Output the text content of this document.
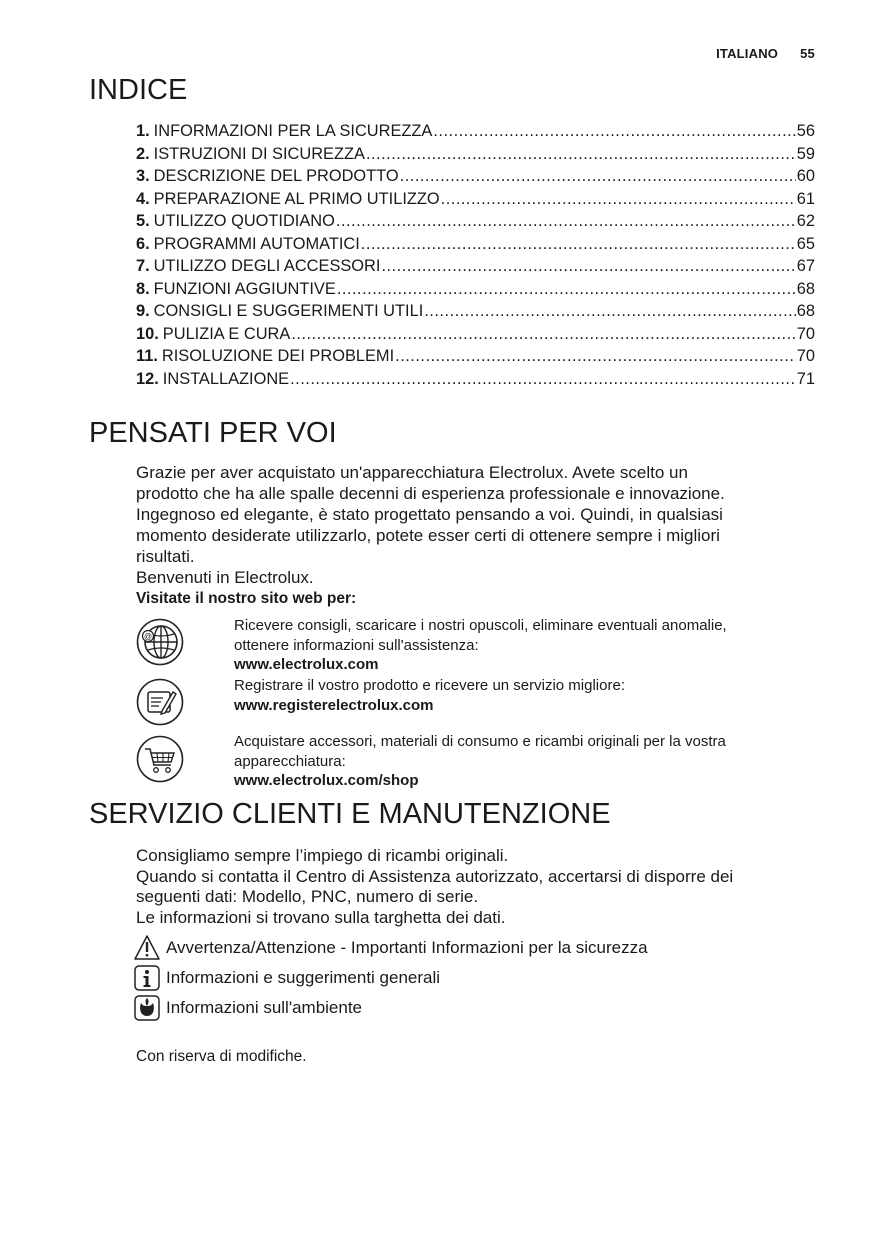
ITALIANO 55
INDICE
1. INFORMAZIONI PER LA SICUREZZA .....	56
2. ISTRUZIONI DI SICUREZZA .....	59
3. DESCRIZIONE DEL PRODOTTO .....	60
4. PREPARAZIONE AL PRIMO UTILIZZO .....	61
5. UTILIZZO QUOTIDIANO .....	62
6. PROGRAMMI AUTOMATICI .....	65
7. UTILIZZO DEGLI ACCESSORI .....	67
8. FUNZIONI AGGIUNTIVE .....	68
9. CONSIGLI E SUGGERIMENTI UTILI .....	68
10. PULIZIA E CURA .....	70
11. RISOLUZIONE DEI PROBLEMI .....	70
12. INSTALLAZIONE .....	71
PENSATI PER VOI
Grazie per aver acquistato un'apparecchiatura Electrolux. Avete scelto un
prodotto che ha alle spalle decenni di esperienza professionale e innovazione.
Ingegnoso ed elegante, è stato progettato pensando a voi. Quindi, in qualsiasi
momento desiderate utilizzarlo, potete esser certi di ottenere sempre i migliori
risultati.
Benvenuti in Electrolux.
Visitate il nostro sito web per:
@
Ricevere consigli, scaricare i nostri opuscoli, eliminare eventuali anomalie,
ottenere informazioni sull'assistenza:
www.electrolux.com
Registrare il vostro prodotto e ricevere un servizio migliore:
www.registerelectrolux.com
Acquistare accessori, materiali di consumo e ricambi originali per la vostra
apparecchiatura:
www.electrolux.com/shop
SERVIZIO CLIENTI E MANUTENZIONE
Consigliamo sempre l’impiego di ricambi originali.
Quando si contatta il Centro di Assistenza autorizzato, accertarsi di disporre dei
seguenti dati: Modello, PNC, numero di serie.
Le informazioni si trovano sulla targhetta dei dati.
Avvertenza/Attenzione - Importanti Informazioni per la sicurezza
Informazioni e suggerimenti generali
Informazioni sull'ambiente
Con riserva di modifiche.
